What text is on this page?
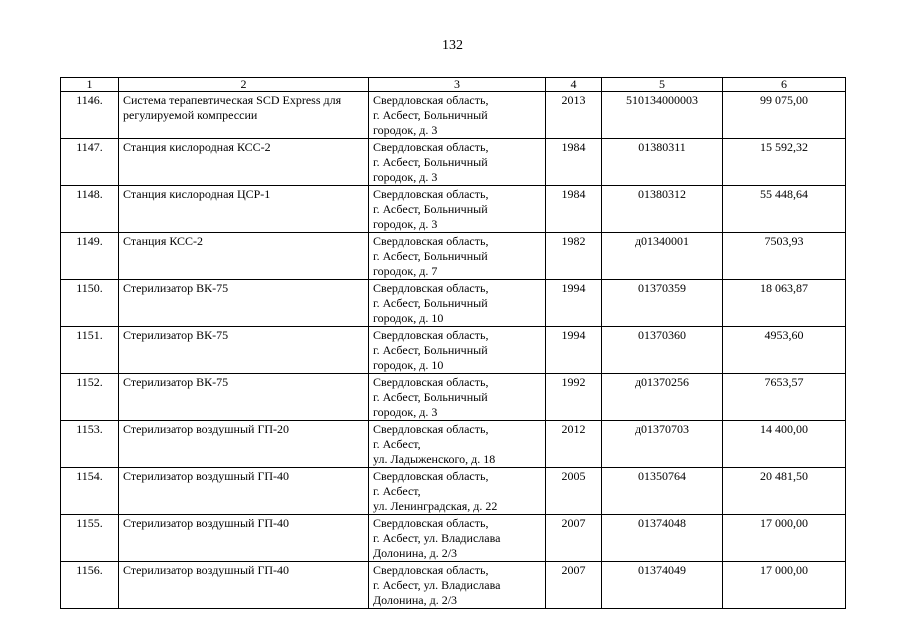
132
1	2	3	4	5	6
1146.	Система терапевтическая SCD Express для регулируемой компрессии	Свердловская область,
г. Асбест, Больничный
городок, д. 3	2013	510134000003	99 075,00
1147.	Станция кислородная КСС-2	Свердловская область,
г. Асбест, Больничный
городок, д. 3	1984	01380311	15 592,32
1148.	Станция кислородная ЦСР-1	Свердловская область,
г. Асбест, Больничный
городок, д. 3	1984	01380312	55 448,64
1149.	Станция КСС-2	Свердловская область,
г. Асбест, Больничный
городок, д. 7	1982	д01340001	7503,93
1150.	Стерилизатор ВК-75	Свердловская область,
г. Асбест, Больничный
городок, д. 10	1994	01370359	18 063,87
1151.	Стерилизатор ВК-75	Свердловская область,
г. Асбест, Больничный
городок, д. 10	1994	01370360	4953,60
1152.	Стерилизатор ВК-75	Свердловская область,
г. Асбест, Больничный
городок, д. 3	1992	д01370256	7653,57
1153.	Стерилизатор воздушный ГП-20	Свердловская область,
г. Асбест,
ул. Ладыженского, д. 18	2012	д01370703	14 400,00
1154.	Стерилизатор воздушный ГП-40	Свердловская область,
г. Асбест,
ул. Ленинградская, д. 22	2005	01350764	20 481,50
1155.	Стерилизатор воздушный ГП-40	Свердловская область,
г. Асбест, ул. Владислава
Долонина, д. 2/3	2007	01374048	17 000,00
1156.	Стерилизатор воздушный ГП-40	Свердловская область,
г. Асбест, ул. Владислава
Долонина, д. 2/3	2007	01374049	17 000,00
